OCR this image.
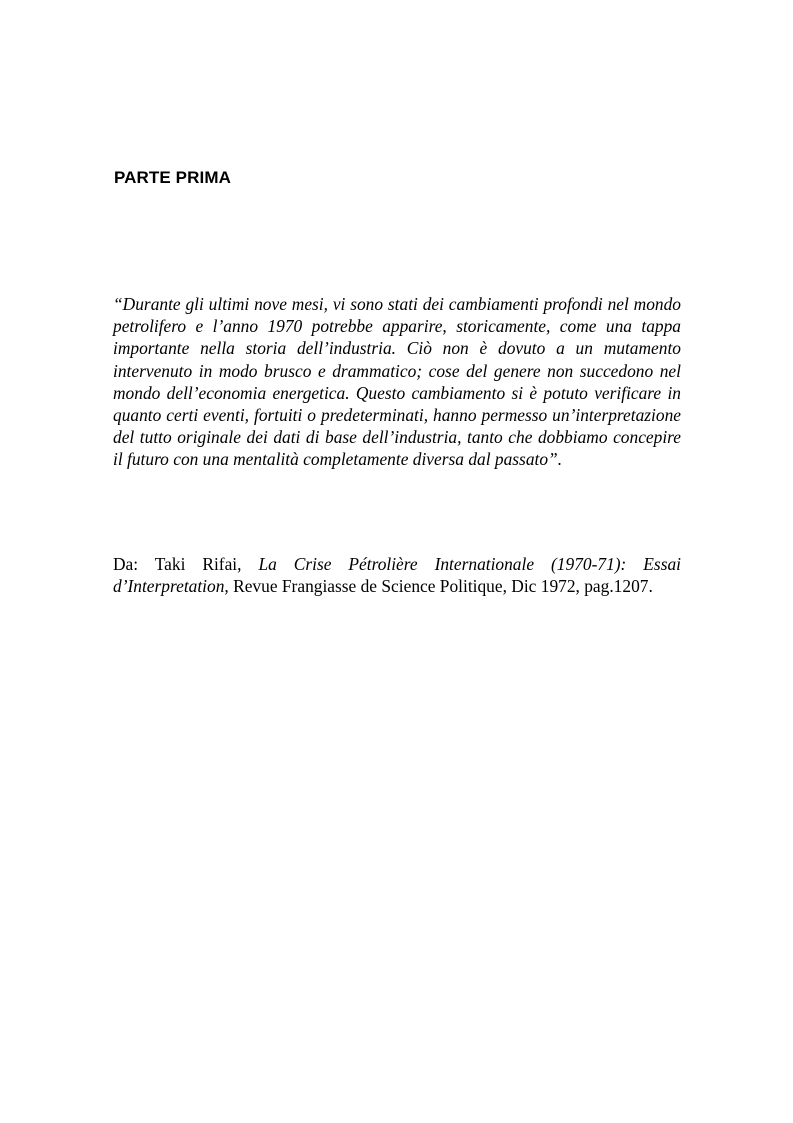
PARTE PRIMA

“Durante gli ultimi nove mesi, vi sono stati dei cambiamenti profondi nel mondo petrolifero e l’anno 1970 potrebbe apparire, storicamente, come una tappa importante nella storia dell’industria. Ciò non è dovuto a un mutamento intervenuto in modo brusco e drammatico; cose del genere non succedono nel mondo dell’economia energetica. Questo cambiamento si è potuto verificare in quanto certi eventi, fortuiti o predeterminati, hanno permesso un’interpretazione del tutto originale dei dati di base dell’industria, tanto che dobbiamo concepire il futuro con una mentalità completamente diversa dal passato”.

Da: Taki Rifai, La Crise Pétrolière Internationale (1970-71): Essai d’Interpretation, Revue Frangiasse de Science Politique, Dic 1972, pag.1207.
